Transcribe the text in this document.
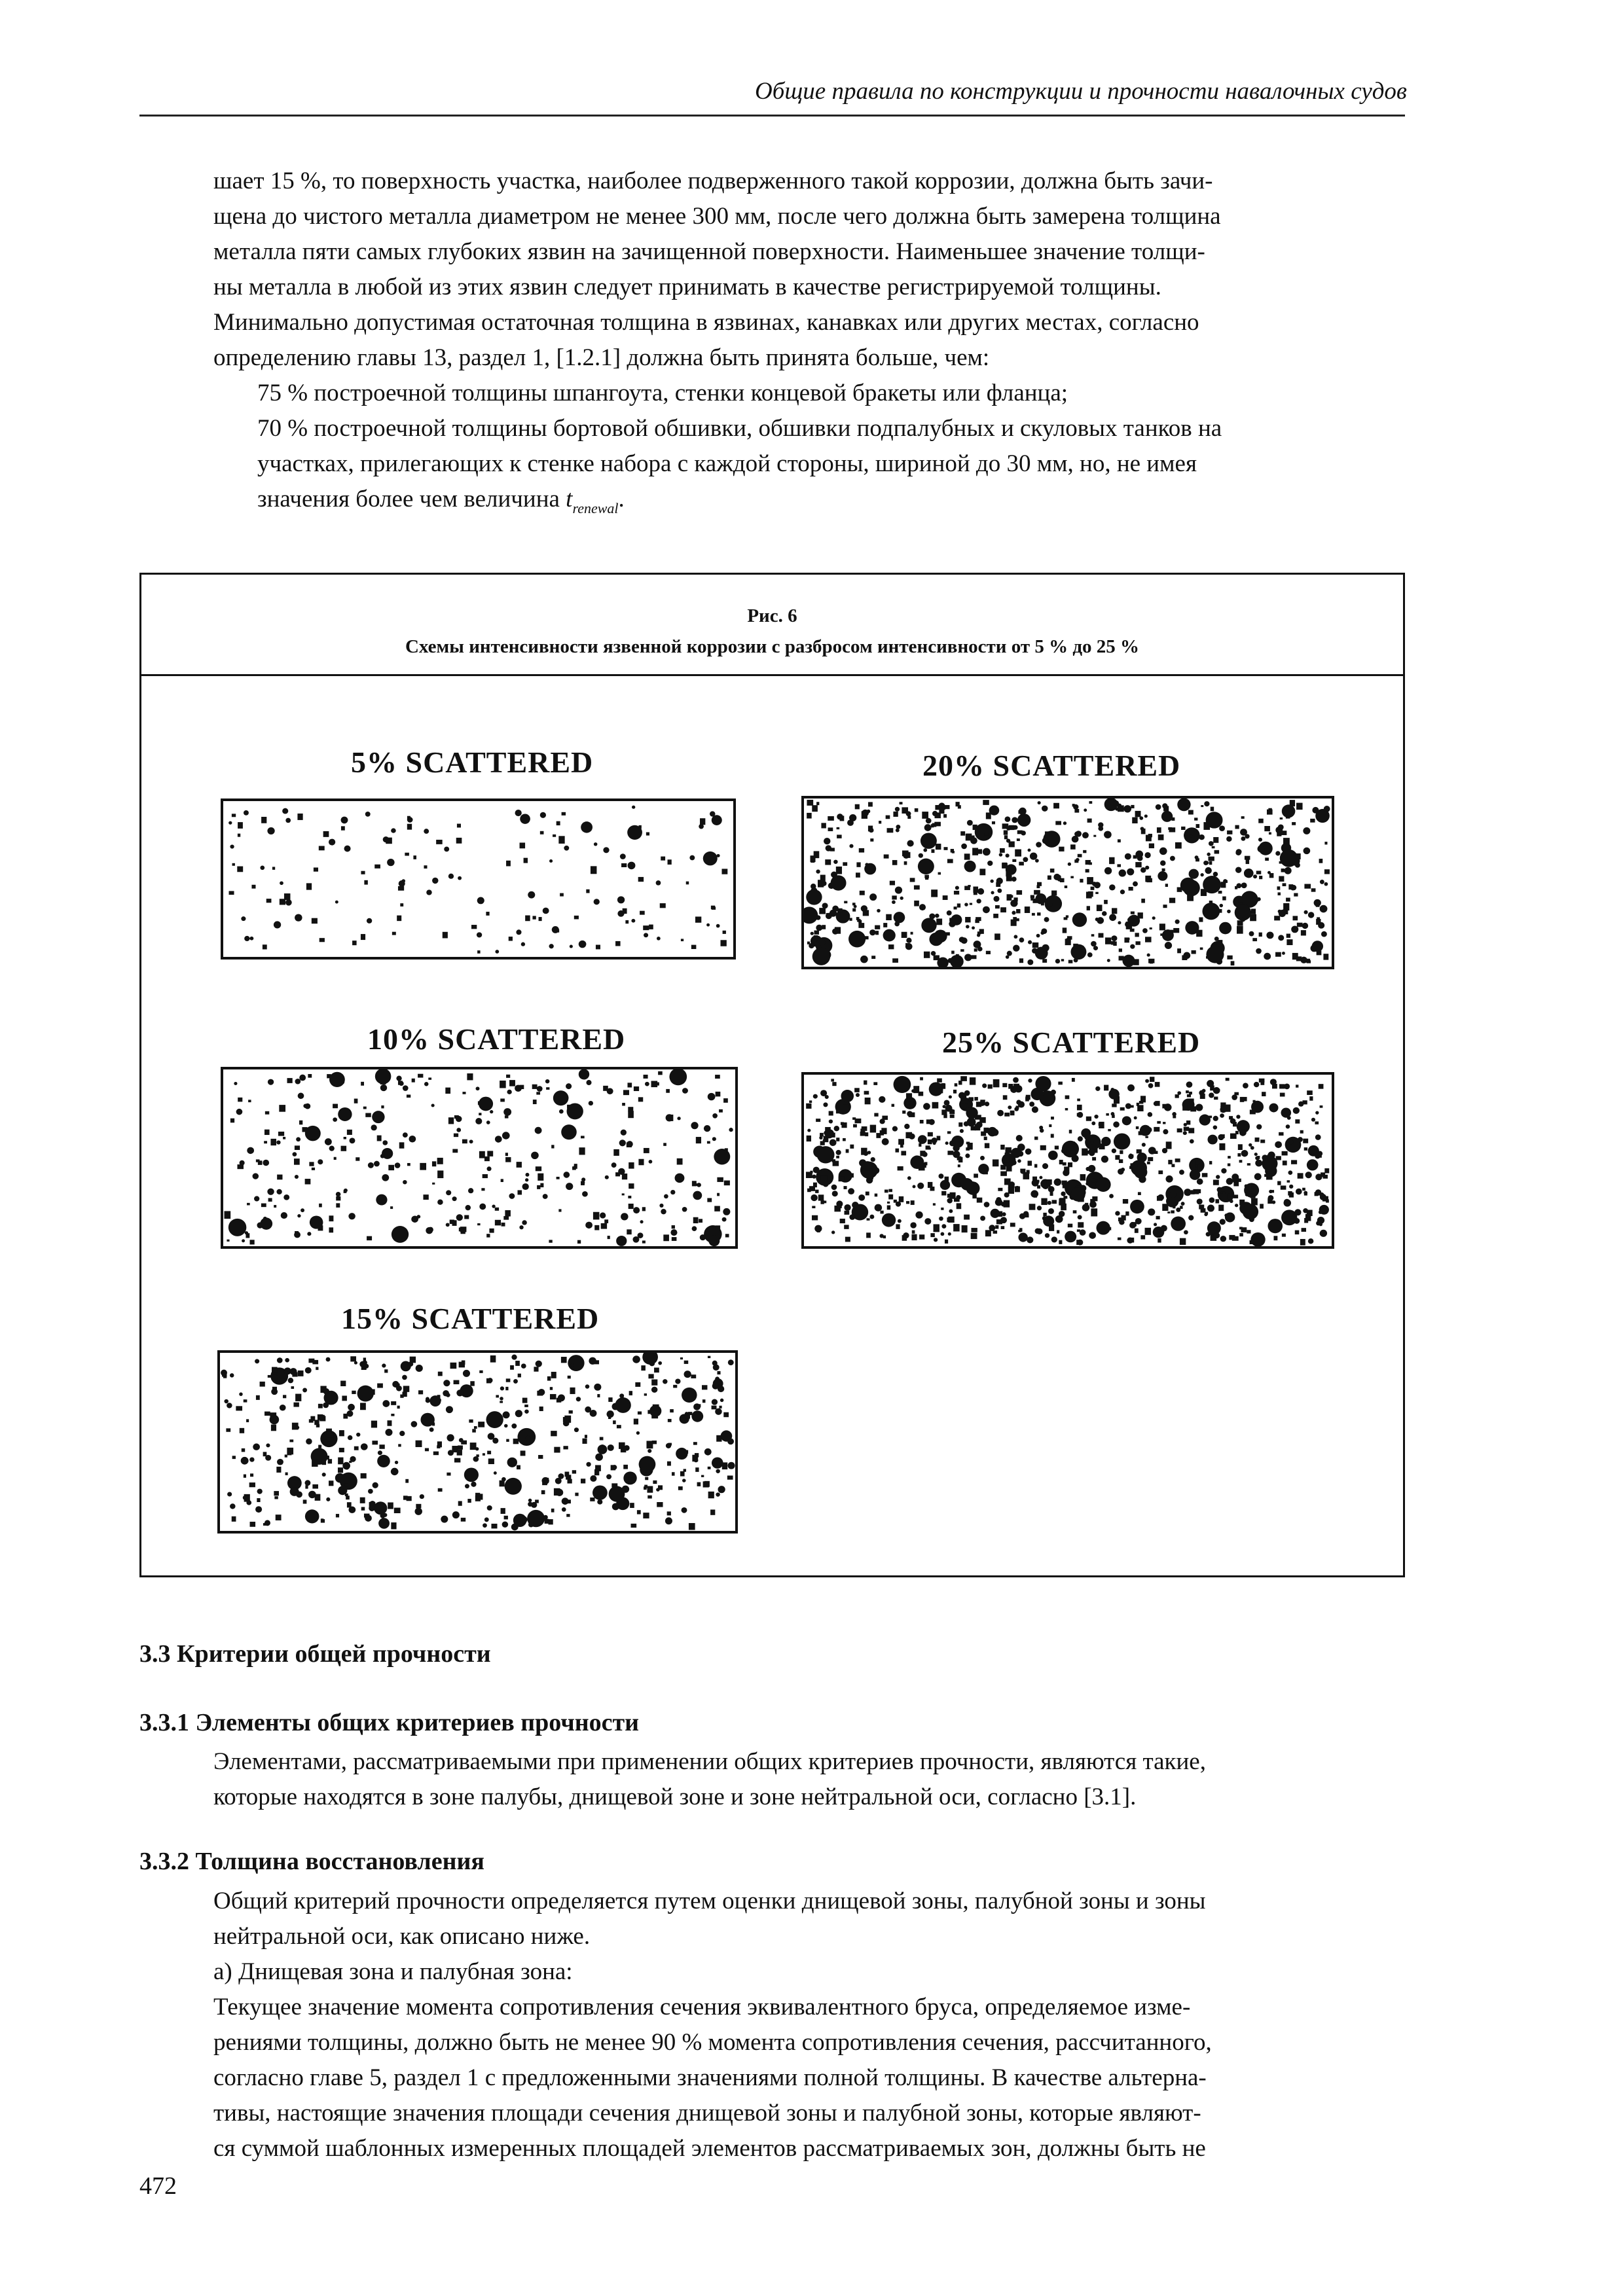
Общие правила по конструкции и прочности навалочных судов

шает 15 %, то поверхность участка, наиболее подверженного такой коррозии, должна быть зачи-

щена до чистого металла диаметром не менее 300 мм, после чего должна быть замерена толщина

металла пяти самых глубоких язвин на зачищенной поверхности. Наименьшее значение толщи-

ны металла в любой из этих язвин следует принимать в качестве регистрируемой толщины.

Минимально допустимая остаточная толщина в язвинах, канавках или других местах, согласно

определению главы 13, раздел 1, [1.2.1] должна быть принята больше, чем:

75 % построечной толщины шпангоута, стенки концевой бракеты или фланца;

70 % построечной толщины бортовой обшивки, обшивки подпалубных и скуловых танков на

участках, прилегающих к стенке набора с каждой стороны, шириной до 30 мм, но, не имея

значения более чем величина $t_{renewal}$.

Рис. 6
Схемы интенсивности язвенной коррозии с разбросом интенсивности от 5 % до 25 %
5% SCATTERED	20% SCATTERED
10% SCATTERED	25% SCATTERED
15% SCATTERED
3.3 Критерии общей прочности
3.3.1 Элементы общих критериев прочности

Элементами, рассматриваемыми при применении общих критериев прочности, являются такие,

которые находятся в зоне палубы, днищевой зоне и зоне нейтральной оси, согласно [3.1].

3.3.2 Толщина восстановления

Общий критерий прочности определяется путем оценки днищевой зоны, палубной зоны и зоны

нейтральной оси, как описано ниже.

а) Днищевая зона и палубная зона:

Текущее значение момента сопротивления сечения эквивалентного бруса, определяемое изме-

рениями толщины, должно быть не менее 90 % момента сопротивления сечения, рассчитанного,

согласно главе 5, раздел 1 с предложенными значениями полной толщины. В качестве альтерна-

тивы, настоящие значения площади сечения днищевой зоны и палубной зоны, которые являют-

ся суммой шаблонных измеренных площадей элементов рассматриваемых зон, должны быть не

472
